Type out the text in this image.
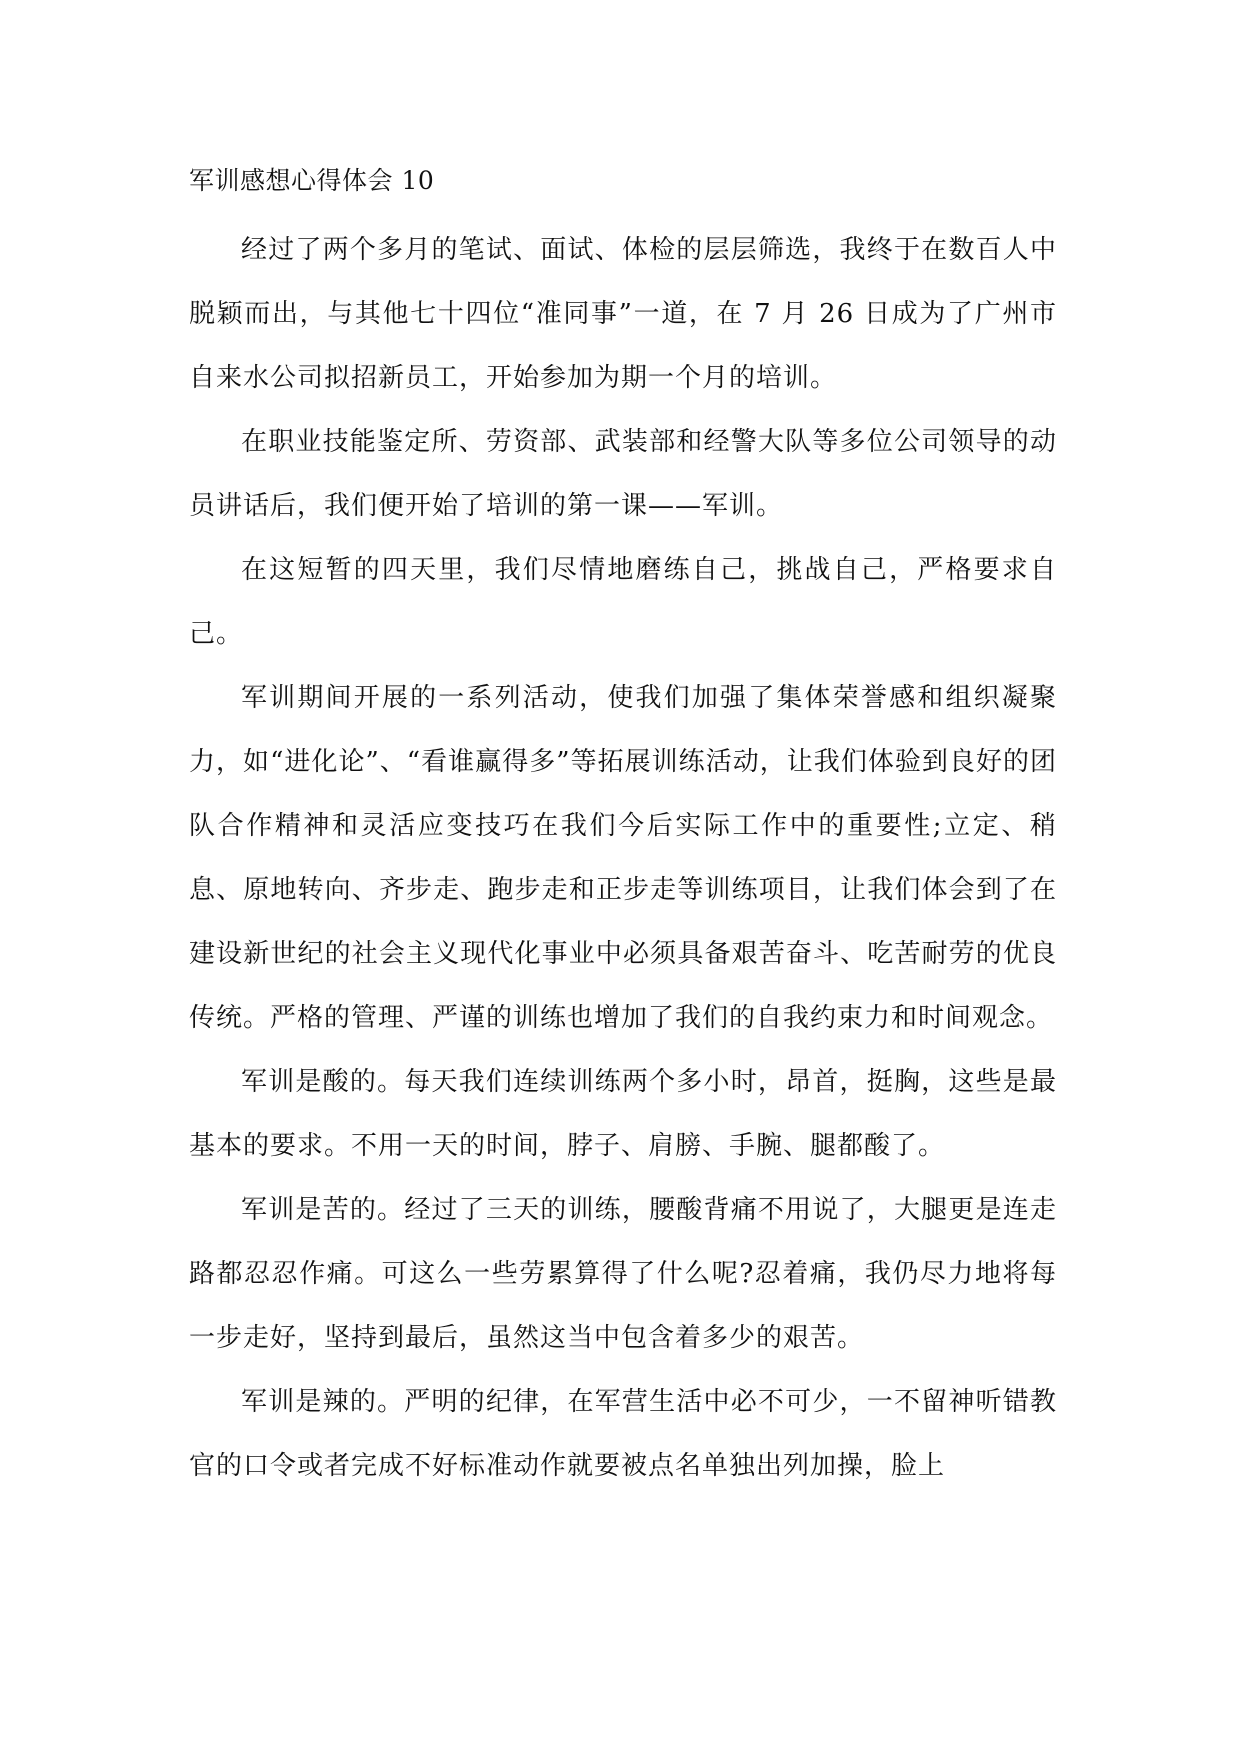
军训感想心得体会 10

经过了两个多月的笔试、面试、体检的层层筛选，我终于在数百人中脱颖而出，与其他七十四位“准同事”一道，在 7 月 26 日成为了广州市自来水公司拟招新员工，开始参加为期一个月的培训。

在职业技能鉴定所、劳资部、武装部和经警大队等多位公司领导的动员讲话后，我们便开始了培训的第一课——军训。

在这短暂的四天里，我们尽情地磨练自己，挑战自己，严格要求自己。

军训期间开展的一系列活动，使我们加强了集体荣誉感和组织凝聚力，如“进化论”、“看谁赢得多”等拓展训练活动，让我们体验到良好的团队合作精神和灵活应变技巧在我们今后实际工作中的重要性;立定、稍息、原地转向、齐步走、跑步走和正步走等训练项目，让我们体会到了在建设新世纪的社会主义现代化事业中必须具备艰苦奋斗、吃苦耐劳的优良传统。严格的管理、严谨的训练也增加了我们的自我约束力和时间观念。

军训是酸的。每天我们连续训练两个多小时，昂首，挺胸，这些是最基本的要求。不用一天的时间，脖子、肩膀、手腕、腿都酸了。

军训是苦的。经过了三天的训练，腰酸背痛不用说了，大腿更是连走路都忍忍作痛。可这么一些劳累算得了什么呢?忍着痛，我仍尽力地将每一步走好，坚持到最后，虽然这当中包含着多少的艰苦。

军训是辣的。严明的纪律，在军营生活中必不可少，一不留神听错教官的口令或者完成不好标准动作就要被点名单独出列加操，脸上
